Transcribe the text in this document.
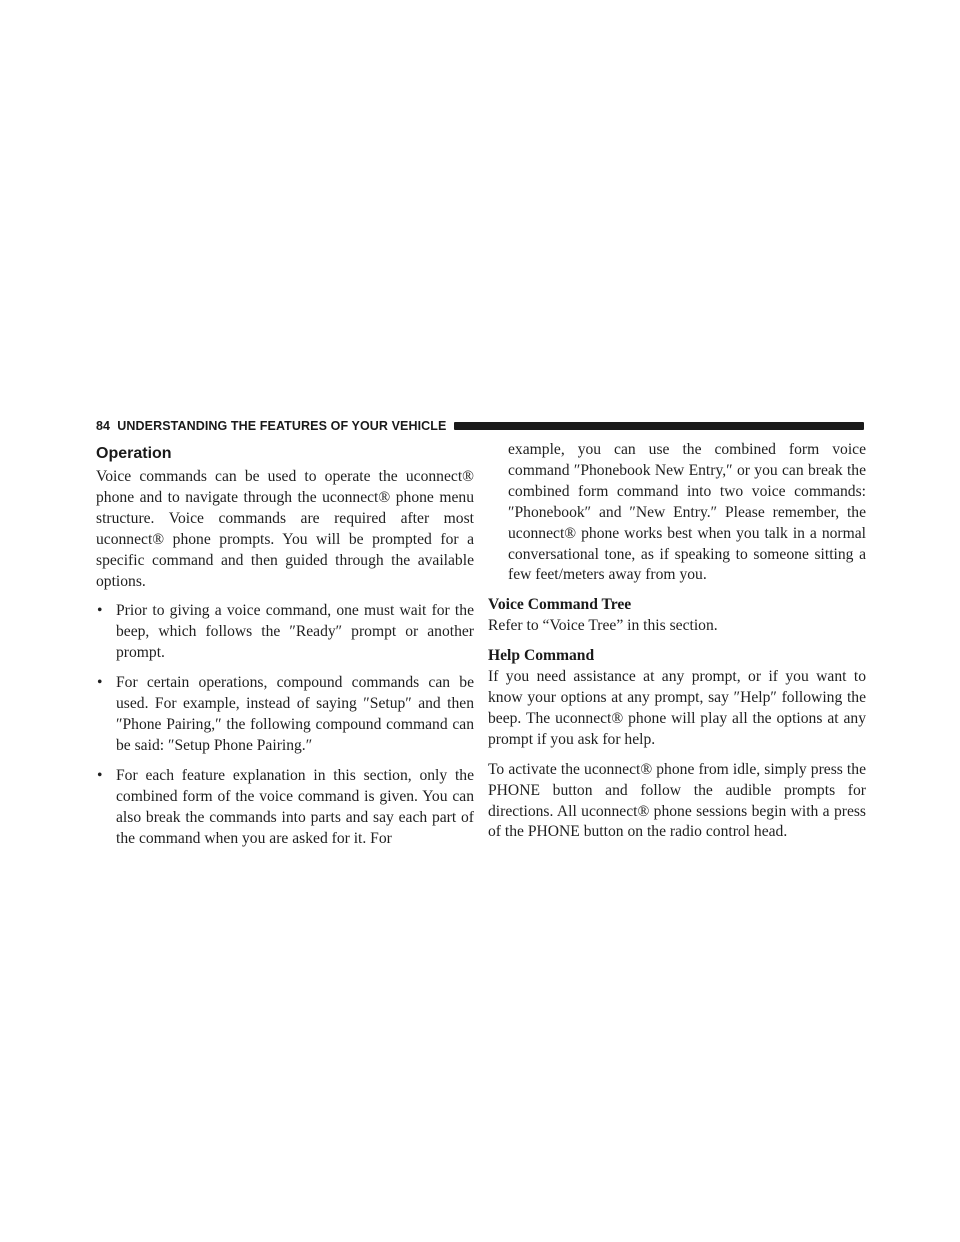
84 UNDERSTANDING THE FEATURES OF YOUR VEHICLE
Operation

Voice commands can be used to operate the uconnect® phone and to navigate through the uconnect® phone menu structure. Voice commands are required after most uconnect® phone prompts. You will be prompted for a specific command and then guided through the available options.

• Prior to giving a voice command, one must wait for the beep, which follows the ″Ready″ prompt or another prompt.
• For certain operations, compound commands can be used. For example, instead of saying ″Setup″ and then ″Phone Pairing,″ the following compound command can be said: ″Setup Phone Pairing.″
• For each feature explanation in this section, only the combined form of the voice command is given. You can also break the commands into parts and say each part of the command when you are asked for it. For

example, you can use the combined form voice command ″Phonebook New Entry,″ or you can break the combined form command into two voice commands: ″Phonebook″ and ″New Entry.″ Please remember, the uconnect® phone works best when you talk in a normal conversational tone, as if speaking to someone sitting a few feet/meters away from you.

Voice Command Tree

Refer to “Voice Tree” in this section.

Help Command

If you need assistance at any prompt, or if you want to know your options at any prompt, say ″Help″ following the beep. The uconnect® phone will play all the options at any prompt if you ask for help.

To activate the uconnect® phone from idle, simply press the PHONE button and follow the audible prompts for directions. All uconnect® phone sessions begin with a press of the PHONE button on the radio control head.
